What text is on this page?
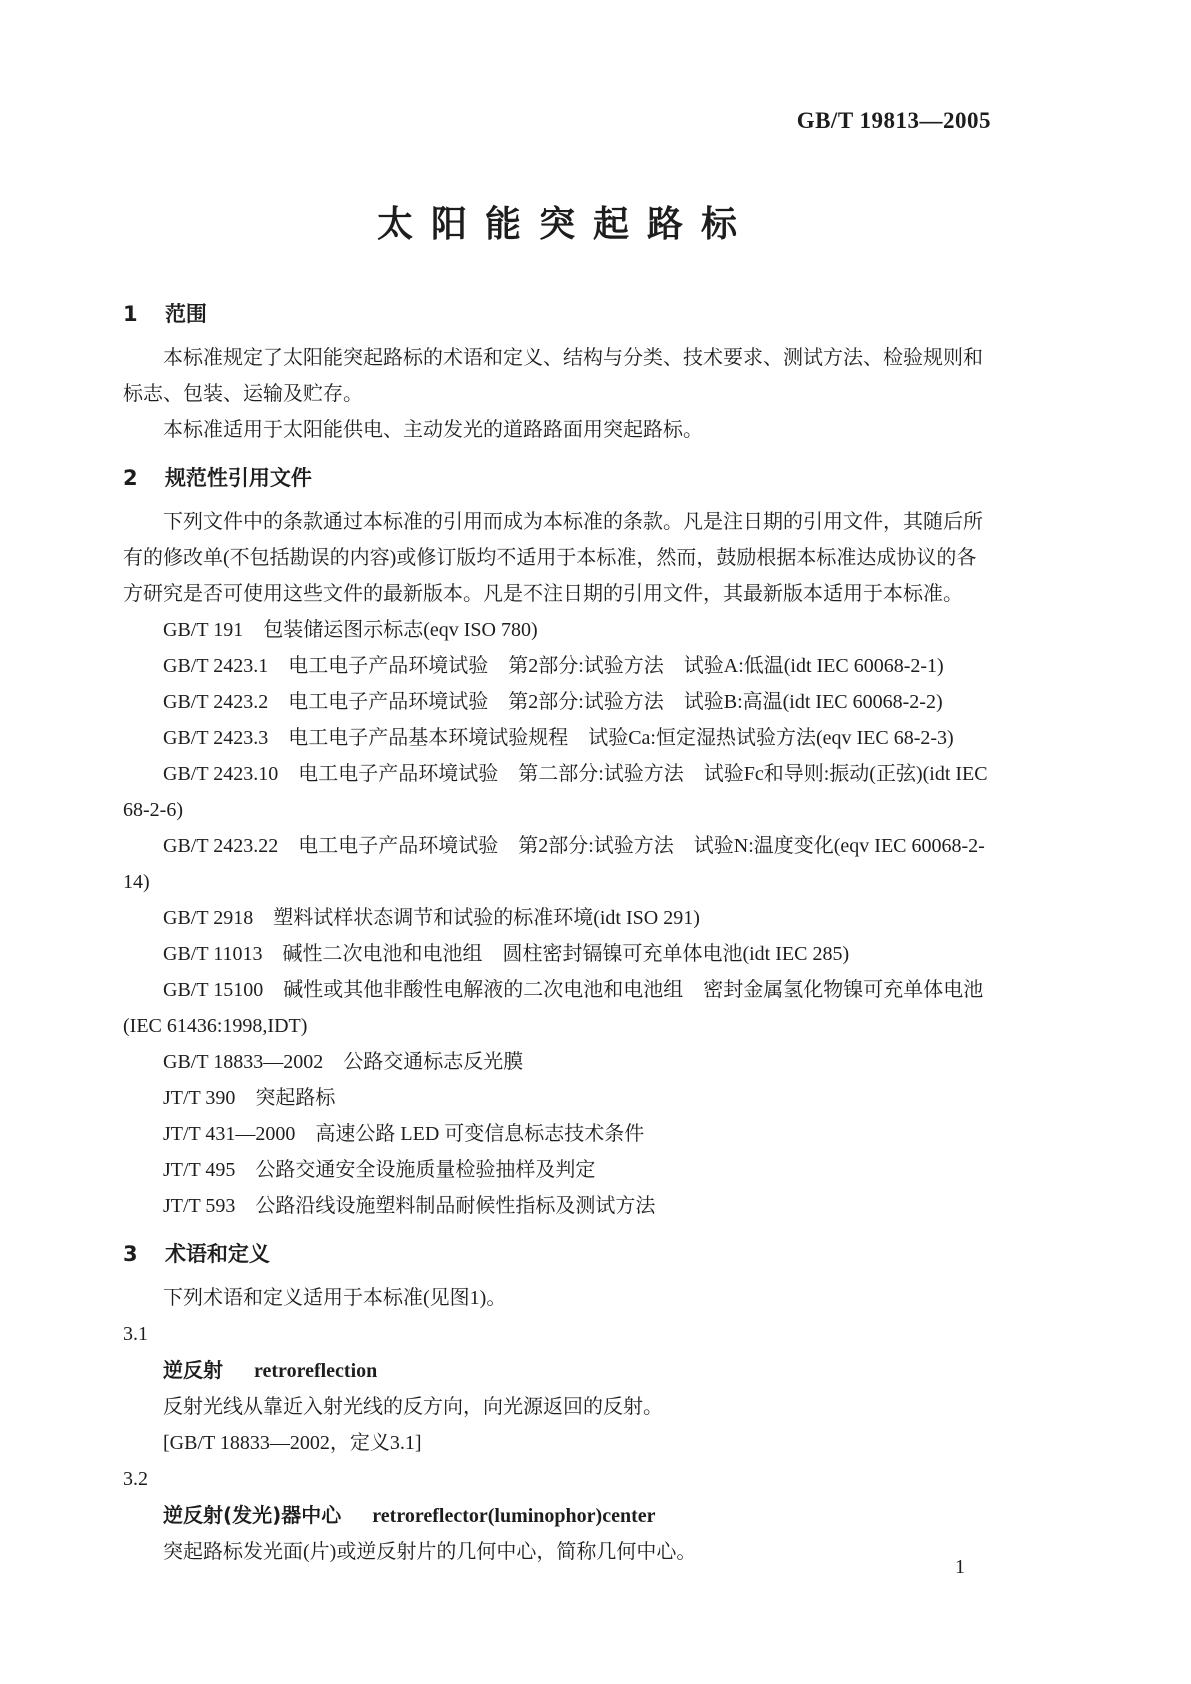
GB/T 19813—2005
太阳能突起路标
1 范围

本标准规定了太阳能突起路标的术语和定义、结构与分类、技术要求、测试方法、检验规则和标志、包装、运输及贮存。

本标准适用于太阳能供电、主动发光的道路路面用突起路标。

2 规范性引用文件

下列文件中的条款通过本标准的引用而成为本标准的条款。凡是注日期的引用文件，其随后所有的修改单(不包括勘误的内容)或修订版均不适用于本标准，然而，鼓励根据本标准达成协议的各方研究是否可使用这些文件的最新版本。凡是不注日期的引用文件，其最新版本适用于本标准。

GB/T 191　包装储运图示标志(eqv ISO 780)

GB/T 2423.1　电工电子产品环境试验　第2部分:试验方法　试验A:低温(idt IEC 60068-2-1)

GB/T 2423.2　电工电子产品环境试验　第2部分:试验方法　试验B:高温(idt IEC 60068-2-2)

GB/T 2423.3　电工电子产品基本环境试验规程　试验Ca:恒定湿热试验方法(eqv IEC 68-2-3)

GB/T 2423.10　电工电子产品环境试验　第二部分:试验方法　试验Fc和导则:振动(正弦)(idt IEC 68-2-6)

GB/T 2423.22　电工电子产品环境试验　第2部分:试验方法　试验N:温度变化(eqv IEC 60068-2-14)

GB/T 2918　塑料试样状态调节和试验的标准环境(idt ISO 291)

GB/T 11013　碱性二次电池和电池组　圆柱密封镉镍可充单体电池(idt IEC 285)

GB/T 15100　碱性或其他非酸性电解液的二次电池和电池组　密封金属氢化物镍可充单体电池(IEC 61436:1998,IDT)

GB/T 18833—2002　公路交通标志反光膜

JT/T 390　突起路标

JT/T 431—2000　高速公路 LED 可变信息标志技术条件

JT/T 495　公路交通安全设施质量检验抽样及判定

JT/T 593　公路沿线设施塑料制品耐候性指标及测试方法

3 术语和定义

下列术语和定义适用于本标准(见图1)。

3.1

逆反射 retroreflection

反射光线从靠近入射光线的反方向，向光源返回的反射。

[GB/T 18833—2002，定义3.1]

3.2

逆反射(发光)器中心 retroreflector(luminophor)center

突起路标发光面(片)或逆反射片的几何中心，简称几何中心。

1
